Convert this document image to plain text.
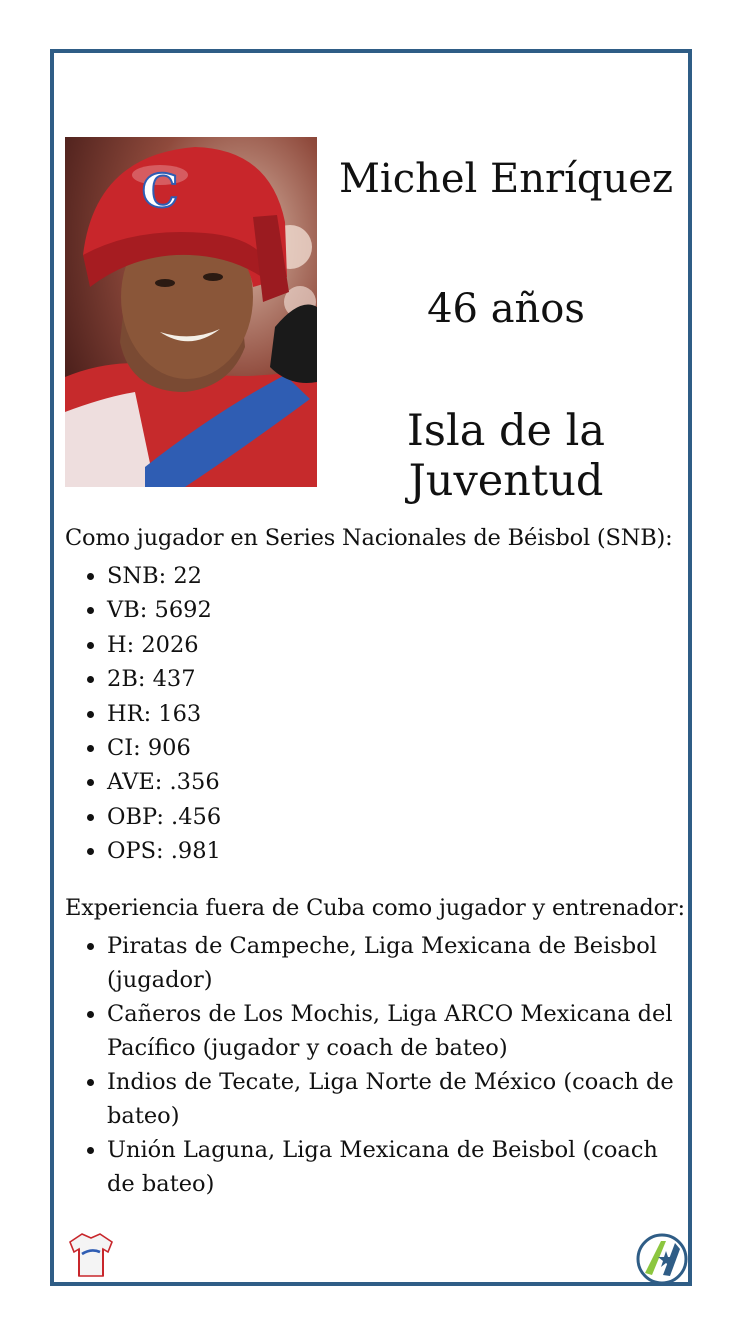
C	Michel Enríquez
46 años
Isla de la Juventud
Como jugador en Series Nacionales de Béisbol (SNB):
• SNB: 22
• VB: 5692
• H: 2026
• 2B: 437
• HR: 163
• CI: 906
• AVE: .356
• OBP: .456
• OPS: .981
Experiencia fuera de Cuba como jugador y entrenador:
• Piratas de Campeche, Liga Mexicana de Beisbol (jugador)
• Cañeros de Los Mochis, Liga ARCO Mexicana del Pacífico (jugador y coach de bateo)
• Indios de Tecate, Liga Norte de México (coach de bateo)
• Unión Laguna, Liga Mexicana de Beisbol (coach de bateo)
